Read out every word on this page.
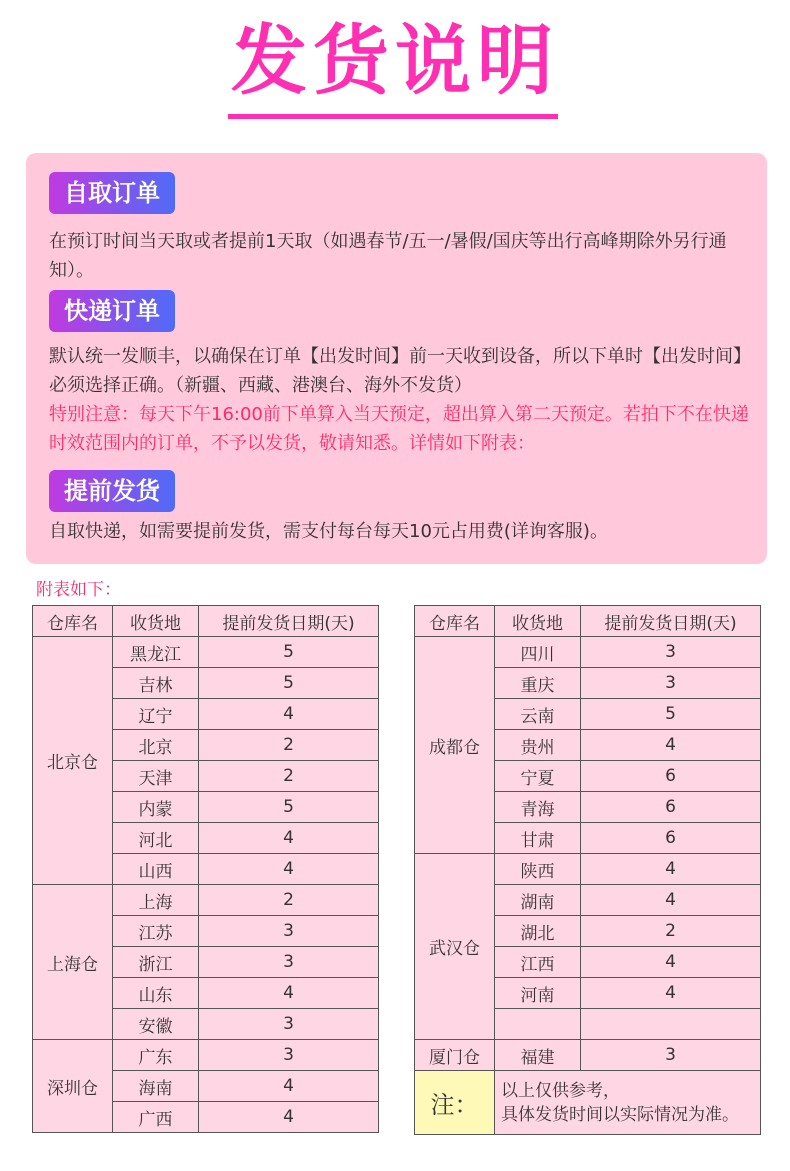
发货说明
自取订单
在预订时间当天取或者提前1天取（如遇春节/五一/暑假/国庆等出行高峰期除外另行通知）。
快递订单
默认统一发顺丰，以确保在订单【出发时间】前一天收到设备，所以下单时【出发时间】必须选择正确。（新疆、西藏、港澳台、海外不发货）
特别注意：每天下午16:00前下单算入当天预定，超出算入第二天预定。若拍下不在快递时效范围内的订单，不予以发货，敬请知悉。详情如下附表：
提前发货
自取快递，如需要提前发货，需支付每台每天10元占用费(详询客服)。
附表如下：
仓库名	收货地	提前发货日期(天)
北京仓	黑龙江	5
	吉林	5
	辽宁	4
	北京	2
	天津	2
	内蒙	5
	河北	4
	山西	4
上海仓	上海	2
	江苏	3
	浙江	3
	山东	4
	安徽	3
深圳仓	广东	3
	海南	4
	广西	4
仓库名	收货地	提前发货日期(天)
成都仓	四川	3
	重庆	3
	云南	5
	贵州	4
	宁夏	6
	青海	6
	甘肃	6
武汉仓	陕西	4
	湖南	4
	湖北	2
	江西	4
	河南	4

厦门仓	福建	3
注：	以上仅供参考，
具体发货时间以实际情况为准。	
